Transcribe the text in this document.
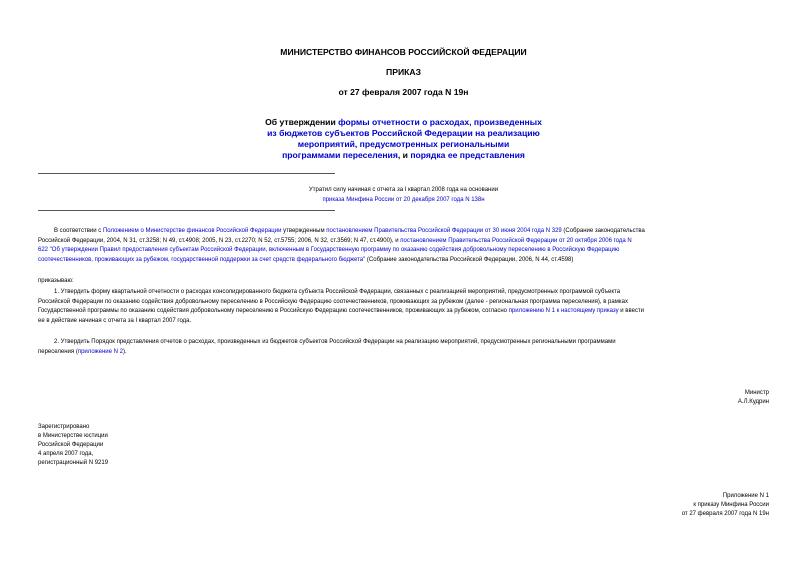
МИНИСТЕРСТВО ФИНАНСОВ РОССИЙСКОЙ ФЕДЕРАЦИИ
ПРИКАЗ
от 27 февраля 2007 года N 19н
Об утверждении формы отчетности о расходах, произведенных
из бюджетов субъектов Российской Федерации на реализацию
мероприятий, предусмотренных региональными
программами переселения, и порядка ее представления
Утратил силу начиная с отчета за I квартал 2008 года на основании
приказа Минфина России от 20 декабря 2007 года N 138н
В соответствии с Положением о Министерстве финансов Российской Федерации утвержденным постановлением Правительства Российской Федерации от 30 июня 2004 года N 329 (Собрание законодательства
Российской Федерации, 2004, N 31, ст.3258; N 49, ст.4908; 2005, N 23, ст.2270; N 52, ст.5755; 2006, N 32, ст.3569; N 47, ст.4900), и постановлением Правительства Российской Федерации от 20 октября 2006 года N
622 "Об утверждении Правил предоставления субъектам Российской Федерации, включенным в Государственную программу по оказанию содействия добровольному переселению в Российскую Федерацию
соотечественников, проживающих за рубежом, государственной поддержки за счет средств федерального бюджета" (Собрание законодательства Российской Федерации, 2006, N 44, ст.4598)
приказываю:
1. Утвердить форму квартальной отчетности о расходах консолидированного бюджета субъекта Российской Федерации, связанных с реализацией мероприятий, предусмотренных программой субъекта
Российской Федерации по оказанию содействия добровольному переселению в Российскую Федерацию соотечественников, проживающих за рубежом (далее - региональная программа переселения), в рамках
Государственной программы по оказанию содействия добровольному переселению в Российскую Федерацию соотечественников, проживающих за рубежом, согласно приложению N 1 к настоящему приказу и ввести
ее в действие начиная с отчета за I квартал 2007 года.
2. Утвердить Порядок представления отчетов о расходах, произведенных из бюджетов субъектов Российской Федерации на реализацию мероприятий, предусмотренных региональными программами
переселения (приложение N 2).
Министр
А.Л.Кудрин
Зарегистрировано
в Министерстве юстиции
Российской Федерации
4 апреля 2007 года,
регистрационный N 9219
Приложение N 1
к приказу Минфина России
от 27 февраля 2007 года N 19н
